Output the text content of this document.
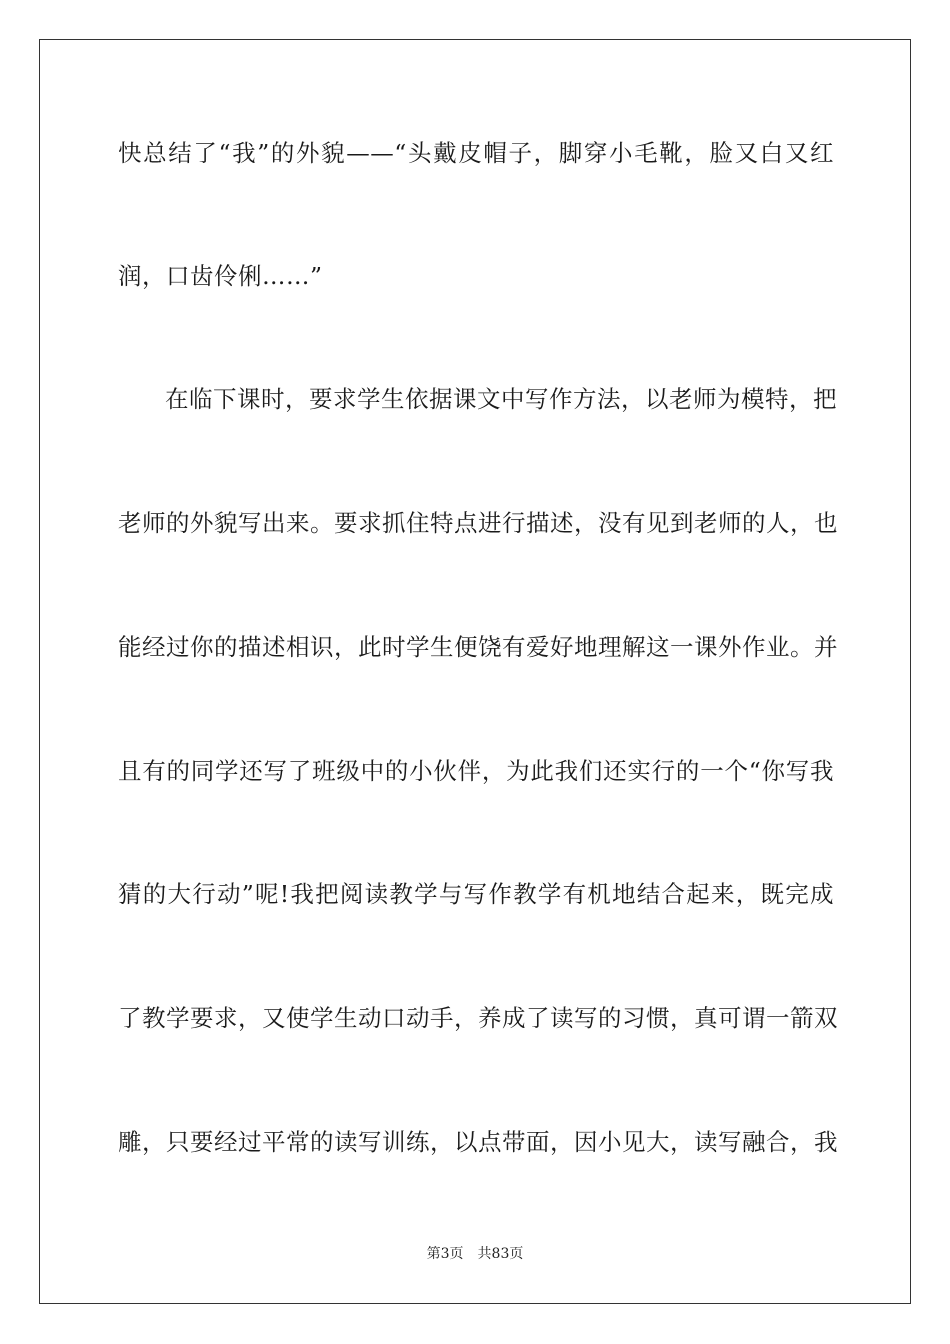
快总结了“我”的外貌——“头戴皮帽子，脚穿小毛靴，脸又白又红
润，口齿伶俐……”
在临下课时，要求学生依据课文中写作方法，以老师为模特，把
老师的外貌写出来。要求抓住特点进行描述，没有见到老师的人，也
能经过你的描述相识，此时学生便饶有爱好地理解这一课外作业。并
且有的同学还写了班级中的小伙伴，为此我们还实行的一个“你写我
猜的大行动”呢!我把阅读教学与写作教学有机地结合起来，既完成
了教学要求，又使学生动口动手，养成了读写的习惯，真可谓一箭双
雕，只要经过平常的读写训练，以点带面，因小见大，读写融合，我
第3页 共83页
